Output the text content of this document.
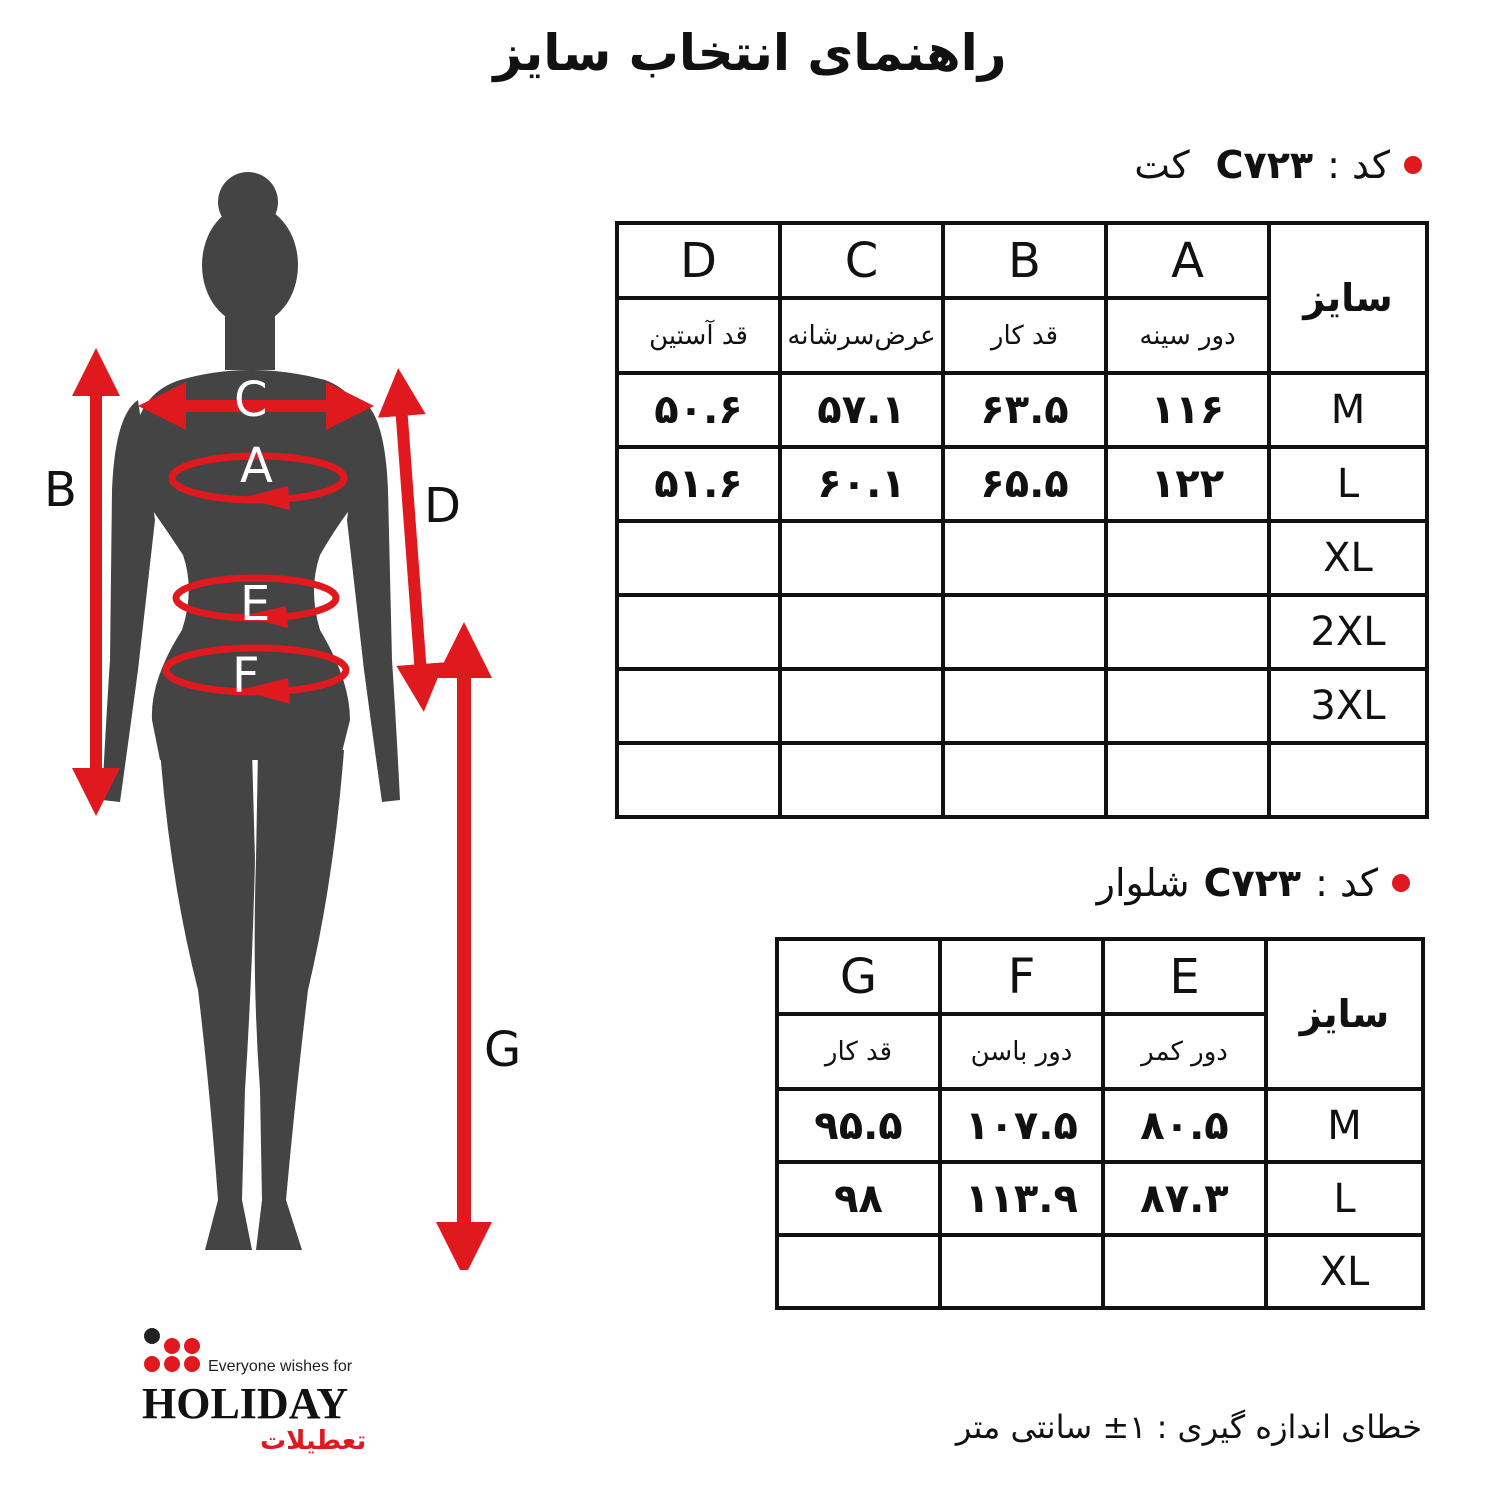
راهنمای انتخاب سایز
B
C
A
D
E
F
G
کد :
C۷۲۳
کت
D	C	B	A	سایز
قد آستین	عرض‌سرشانه	قد کار	دور سینه	
۵۰.۶	۵۷.۱	۶۳.۵	۱۱۶	M
۵۱.۶	۶۰.۱	۶۵.۵	۱۲۲	L
				XL
				2XL
				3XL

کد :
C۷۲۳
شلوار
G	F	E	سایز
قد کار	دور باسن	دور کمر	
۹۵.۵	۱۰۷.۵	۸۰.۵	M
۹۸	۱۱۳.۹	۸۷.۳	L
			XL
خطای اندازه گیری : ۱± سانتی متر
Everyone wishes for
HOLIDAY
تعطیلات
